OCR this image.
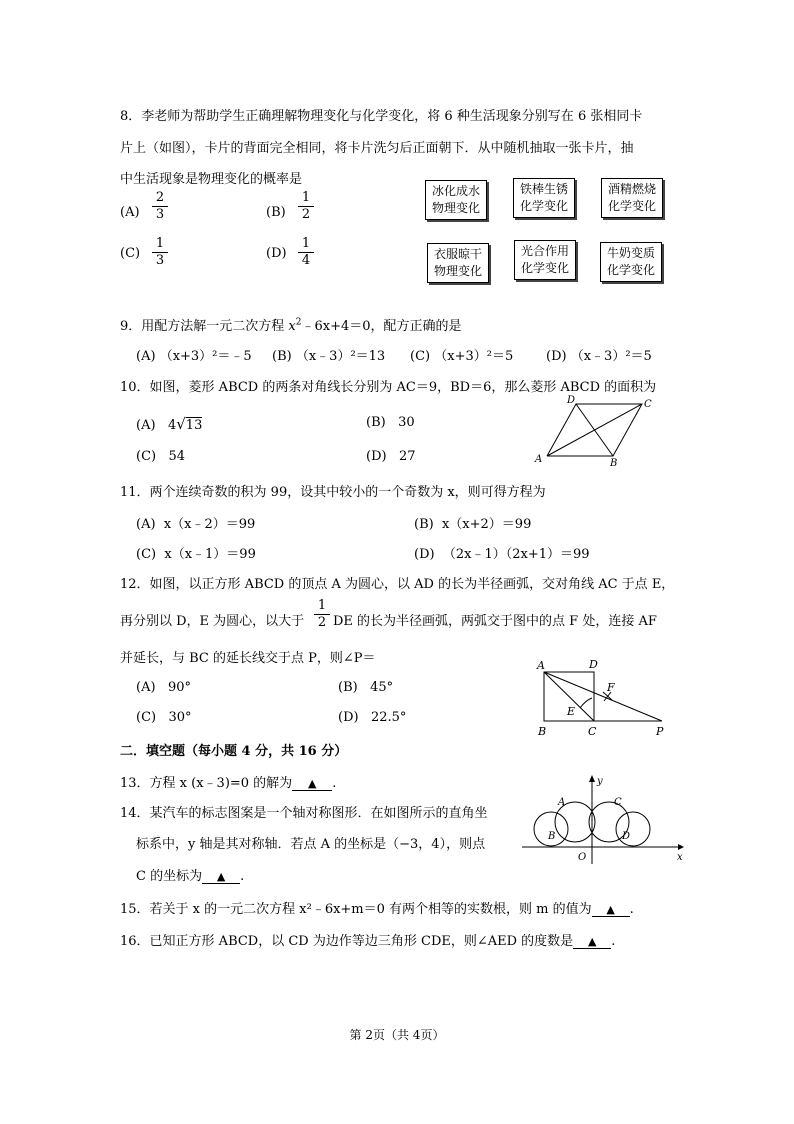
8．李老师为帮助学生正确理解物理变化与化学变化，将 6 种生活现象分别写在 6 张相同卡
片上（如图），卡片的背面完全相同，将卡片洗匀后正面朝下．从中随机抽取一张卡片，抽
中生活现象是物理变化的概率是
$(A) \frac{2}{3}$	$(B) \frac{1}{2}$
$(C) \frac{1}{3}$	$(D) \frac{1}{4}$
冰化成水
物理变化
铁棒生锈
化学变化
酒精燃烧
化学变化
衣服晾干
物理变化
光合作用
化学变化
牛奶变质
化学变化
9．用配方法解一元二次方程 $x^2﹣6x+4=0$，配方正确的是
(A) （x+3）²＝﹣5 (B) （x﹣3）²＝13 (C) （x+3）²＝5	(D) （x﹣3）²＝5
10．如图，菱形 ABCD 的两条对角线长分别为 AC＝9，BD＝6，那么菱形 ABCD 的面积为
(A) 4√13	(B) 30
(C) 54	(D) 27	A	B
C
D
11．两个连续奇数的积为 99，设其中较小的一个奇数为 x，则可得方程为
(A) x（x﹣2）＝99	(B) x（x+2）＝99
(C) x（x﹣1）＝99	(D) （2x﹣1）（2x+1）＝99
12．如图，以正方形 ABCD 的顶点 A 为圆心，以 AD 的长为半径画弧，交对角线 AC 于点 E，
再分别以 D，E 为圆心，以大于 $\frac{1}{2}$ DE 的长为半径画弧，两弧交于图中的点 F 处，连接 AF
并延长，与 BC 的延长线交于点 P，则∠P＝
(A) 90°	(B) 45°
(C) 30°	(D) 22.5°
A
B	C
D
E
F
P
二．填空题（每小题 4 分，共 16 分）
13．方程 x (x﹣3)=0 的解为 ▲ .
14．某汽车的标志图案是一个轴对称图形．在如图所示的直角坐
标系中，y 轴是其对称轴．若点 A 的坐标是（−3，4），则点
C 的坐标为 ▲ .
A
B
C
D
O	x
y
15．若关于 x 的一元二次方程 x²﹣6x+m＝0 有两个相等的实数根，则 m 的值为 ▲ .
16．已知正方形 ABCD，以 CD 为边作等边三角形 CDE，则∠AED 的度数是 ▲ .
第 2页（共 4页）
